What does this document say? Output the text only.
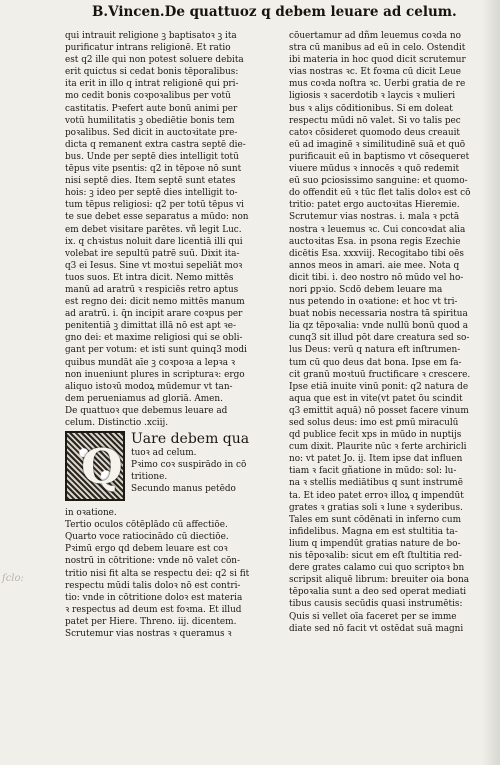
B.Vincen.De quattuoz q debem leuare ad celum.
ſclo:
qui intrauit religione ꝫ baptisatoꝛ ꝫ ita
purificatur intrans religionē. Et ratio
est q2 ille qui non potest soluere debita
erit quictus si cedat bonis tēporalibus:
ita erit in illo q intrat religionē qui pri-
mo cedit bonis coꝛpoꝛalibus per votū
castitatis. Pꝛefert aute bonū animi per
votū humilitatis ꝫ obediētie bonis tem
poꝛalibus. Sed dicit in auctoꝛitate pre-
dicta q remanent extra castra septē die-
bus. Unde per septē dies intelligit totū
tēpus vite psentis: q2 in tēpoꝛe nō sunt
nisi septē dies. Item septē sunt etates
hois: ꝫ ideo per septē dies intelligit to-
tum tēpus religiosi: q2 per totū tēpus vi
te sue debet esse separatus a mūdo: non
em debet visitare parētes. vñ legit Luc.
ix. q chꝛistus noluit dare licentiā illi qui
volebat ire sepultū patrē suū. Dixit ita-
q3 ei Iesus. Sine vt moꝛtui sepeliāt moꝛ
tuos suos. Et intra dicit. Nemo mittēs
manū ad aratrū ꝛ respiciēs retro aptus
est regno dei: dicit nemo mittēs manum
ad aratrū. i. q̄n incipit arare coꝛpus per
penitentiā ꝫ dimittat illā nō est apt ꝛe-
gno dei: et maxime religiosi qui se obli-
gant per votum: et isti sunt quinq3 modi
quibus mundāt aīe ꝫ coꝛpoꝛa a lepꝛa ꝛ
non inueniunt plures in scripturaꝛ: ergo
aliquo istoꝛū modoꝝ mūdemur vt tan-
dem perueniamus ad gloriā. Amen.
De quattuoꝛ que debemus leuare ad
celum. Distinctio .xciij.
Q Uare debem qua
tuoꝛ ad celum.
Pꝛimo coꝛ suspirādo in cō
tritione.
Secundo manus petēdo
in oꝛatione.
Tertio oculos cōtēplādo cū affectiōe.
Quarto voce ratiocinādo cū diectiōe.
Pꝛimū ergo qd debem leuare est coꝛ
nostrū in cōtritione: vnde nō valet cōn-
tritio nisi fit alta se respectu dei: q2 si fit
respectu mūdi talis doloꝛ nō est contri-
tio: vnde in cōtritione doloꝛ est materia
ꝛ respectus ad deum est foꝛma. Et illud
patet per Hiere. Threno. iij. dicentem.
Scrutemur vias nostras ꝛ queramus ꝛ
cōuertamur ad dñm leuemus coꝛda no
stra cū manibus ad eū in celo. Ostendit
ibi materia in hoc quod dicit scrutemur
vias nostras ꝛc. Et foꝛma cū dicit Leue
mus coꝛda noſtra ꝛc. Uerbi gratia de re
ligiosis ꝛ sacerdotib ꝛ laycis ꝛ mulieri
bus ꝛ aliȷs cōditionibus. Si em doleat
respectu mūdi nō valet. Si vo talis pec
catoꝛ cōsideret quomodo deus creauit
eū ad imaginē ꝛ similitudinē suā et quō
purificauit eū in baptismo vt cōsequeret
viuere mūdus ꝛ innocēs ꝛ quō redemit
eū suo ꝑciosissimo sanguine: et quomo-
do offendit eū ꝛ tūc flet talis doloꝛ est cō
tritio: patet ergo auctoꝛitas Hieremie.
Scrutemur vias nostras. i. mala ꝛ pctā
nostra ꝛ leuemus ꝛc. Cui concoꝛdat alia
auctoꝛitas Esa. in psona regis Ezechie
dicētis Esa. xxxviij. Recogitabo tibi oēs
annos meos in amari. aie mee. Nota q
dicit tibi. i. deo nostro nō mūdo vel ho-
nori ꝑpꝛio. Scdō debem leuare ma
nus petendo in oꝛatione: et hoc vt tri-
buat nobis necessaria nostra tā spiritua
lia qz tēpoꝛalia: vnde nullū bonū quod a
cunq3 sit illud pōt dare creatura sed so-
lus Deus: verū q natura eft inſtrumen-
tum cū quo deus dat bona. Ipse em fa-
cit granū moꝛtuū fructificare ꝛ crescere.
Ipse etiā inuite vinū ponit: q2 natura de
aqua que est in vite(vt patet ōu scindit
q3 emittit aquā) nō posset facere vinum
sed solus deus: imo est ꝑmū miraculū
qd publice fecit xps in mūdo in nuptijs
cum dixit. Plaurite nūc ꝛ ferte archiricli
no: vt patet Jo. ij. Item ipse dat influen
tiam ꝛ facit gñatione in mūdo: sol: lu-
na ꝛ stellis mediātibus q sunt instrumē
ta. Et ideo patet erroꝛ illoꝝ q impendūt
grates ꝛ gratias soli ꝛ lune ꝛ syderibus.
Tales em sunt cōdēnati in inferno cum
infidelibus. Magna em est stultitia ta-
lium q impendūt gratias nature de bo-
nis tēpoꝛalib: sicut em eſt ſtultitia red-
dere grates calamo cui quo scriptoꝛ bn
scripsit aliquē librum: breuiter oia bona
tēpoꝛalia sunt a deo sed operat mediati
tibus causis secūdis quasi instrumētis:
Quis si vellet oīa faceret per se imme
diate sed nō facit vt ostēdat suā magni
